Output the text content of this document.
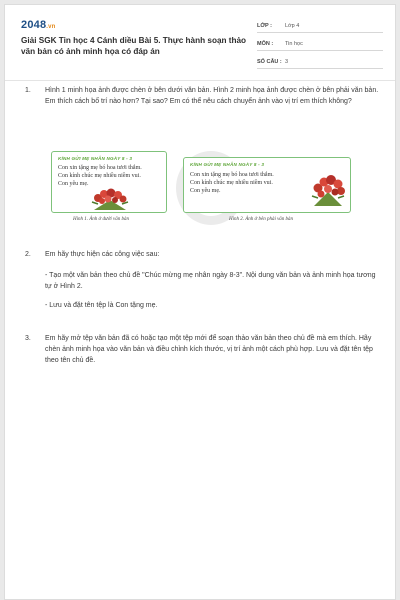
2048.vn
Giải SGK Tin học 4 Cánh diều Bài 5. Thực hành soạn thảo văn bản có ảnh minh họa có đáp án
LỚP :	Lớp 4
MÔN :	Tin học
SỐ CÂU : 3
1. Hình 1 minh họa ảnh được chèn ở bên dưới văn bản. Hình 2 minh họa ảnh được chèn ở bên phải văn bản. Em thích cách bố trí nào hơn? Tại sao? Em có thể nêu cách chuyển ảnh vào vị trí em thích không?
KÍNH GỬI MẸ NHÂN NGÀY 8 - 3
Con xin tặng mẹ bó hoa tươi thắm.
Con kính chúc mẹ nhiều niềm vui.
Con yêu mẹ.
KÍNH GỬI MẸ NHÂN NGÀY 8 - 3
Con xin tặng mẹ bó hoa tươi thắm.
Con kính chúc mẹ nhiều niềm vui.
Con yêu mẹ.
Hình 1. Ảnh ở dưới văn bản	Hình 2. Ảnh ở bên phải văn bản
2. Em hãy thực hiện các công việc sau:
- Tạo một văn bản theo chủ đề "Chúc mừng mẹ nhân ngày 8-3". Nội dung văn bản và ảnh minh họa tương tự ở Hình 2.
- Lưu và đặt tên tệp là Con tặng mẹ.
3. Em hãy mở tệp văn bản đã có hoặc tạo một tệp mới để soạn thảo văn bản theo chủ đề mà em thích. Hãy chèn ảnh minh họa vào văn bản và điều chỉnh kích thước, vị trí ảnh một cách phù hợp. Lưu và đặt tên tệp theo tên chủ đề.
